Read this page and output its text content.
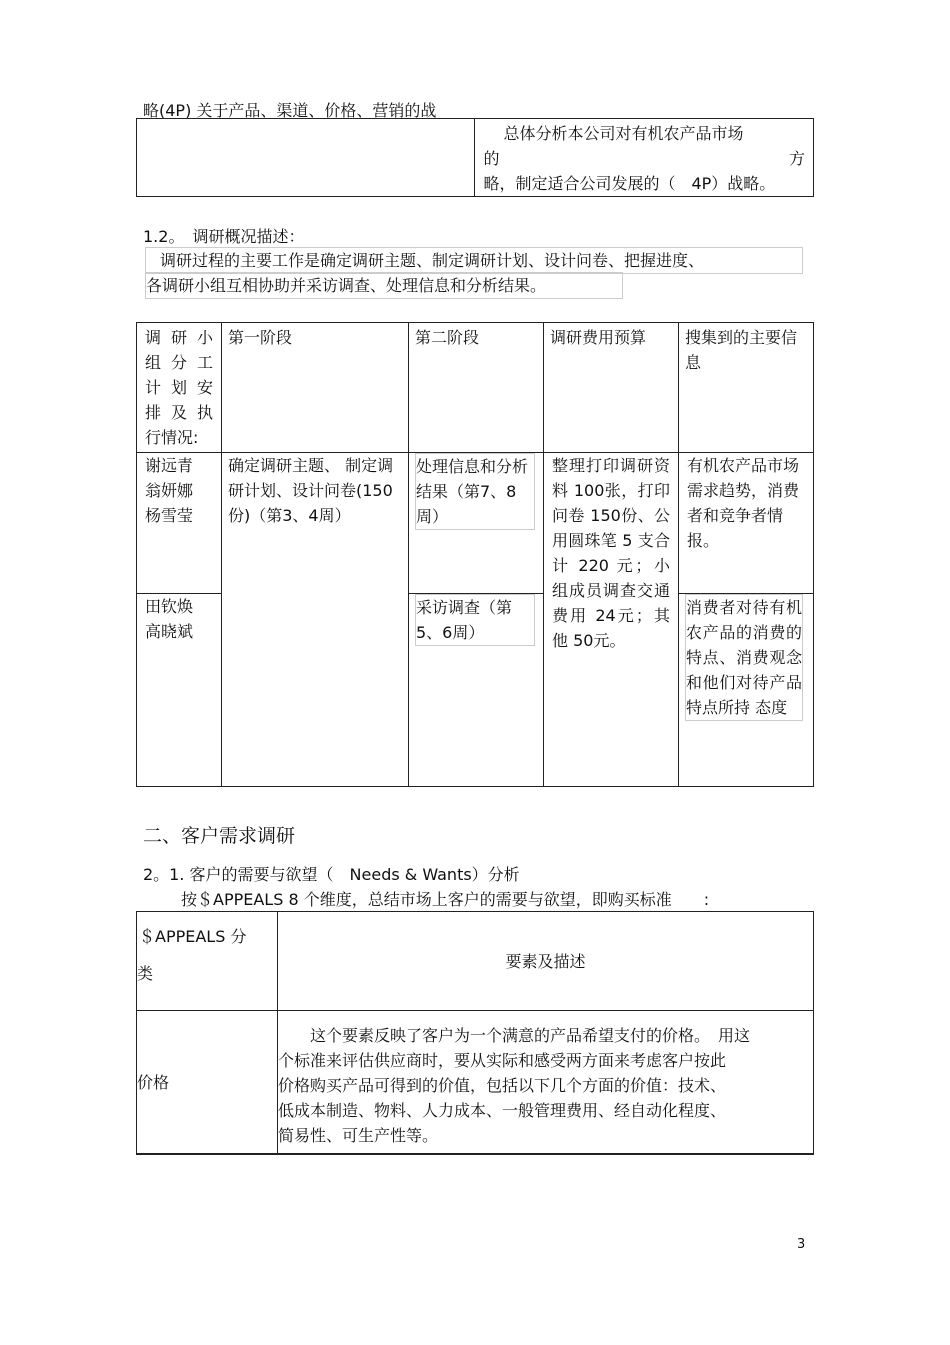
略(4P) 关于产品、渠道、价格、营销的战

总体分析本公司对有机农产品市场
的	方
略，制定适合公司发展的（　4P）战略。
1.2。　调研概况描述：
调研过程的主要工作是确定调研主题、制定调研计划、设计问卷、把握进度、
各调研小组互相协助并采访调查、处理信息和分析结果。
调研小
组分工
计划安
排及执
行情况:	第一阶段	第二阶段	调研费用预算	搜集到的主要信息

谢远青
翁妍娜
杨雪莹	确定调研主题、 制定调研计划、设计问卷(150份)（第3、4周）	处理信息和分析结果（第7、8周）	整理打印调研资料 100张，打印问卷 150份、公用圆珠笔 5 支合计 220 元；小组成员调查交通费用 24元；其他 50元。	有机农产品市场需求趋势，消费者和竞争者情报。

田钦焕
高晓斌		采访调查（第5、6周）		消费者对待有机农产品的消费的特点、消费观念和他们对待产品特点所持 态度
二、客户需求调研
2。1. 客户的需要与欲望（　Needs & Wants）分析
按＄APPEALS 8 个维度，总结市场上客户的需要与欲望，即购买标准　　:
＄APPEALS 分
类	要素及描述

价格	　　这个要素反映了客户为一个满意的产品希望支付的价格。　用这
个标准来评估供应商时，要从实际和感受两方面来考虑客户按此
价格购买产品可得到的价值，包括以下几个方面的价值：技术、
低成本制造、物料、人力成本、一般管理费用、经自动化程度、
简易性、可生产性等。
3
